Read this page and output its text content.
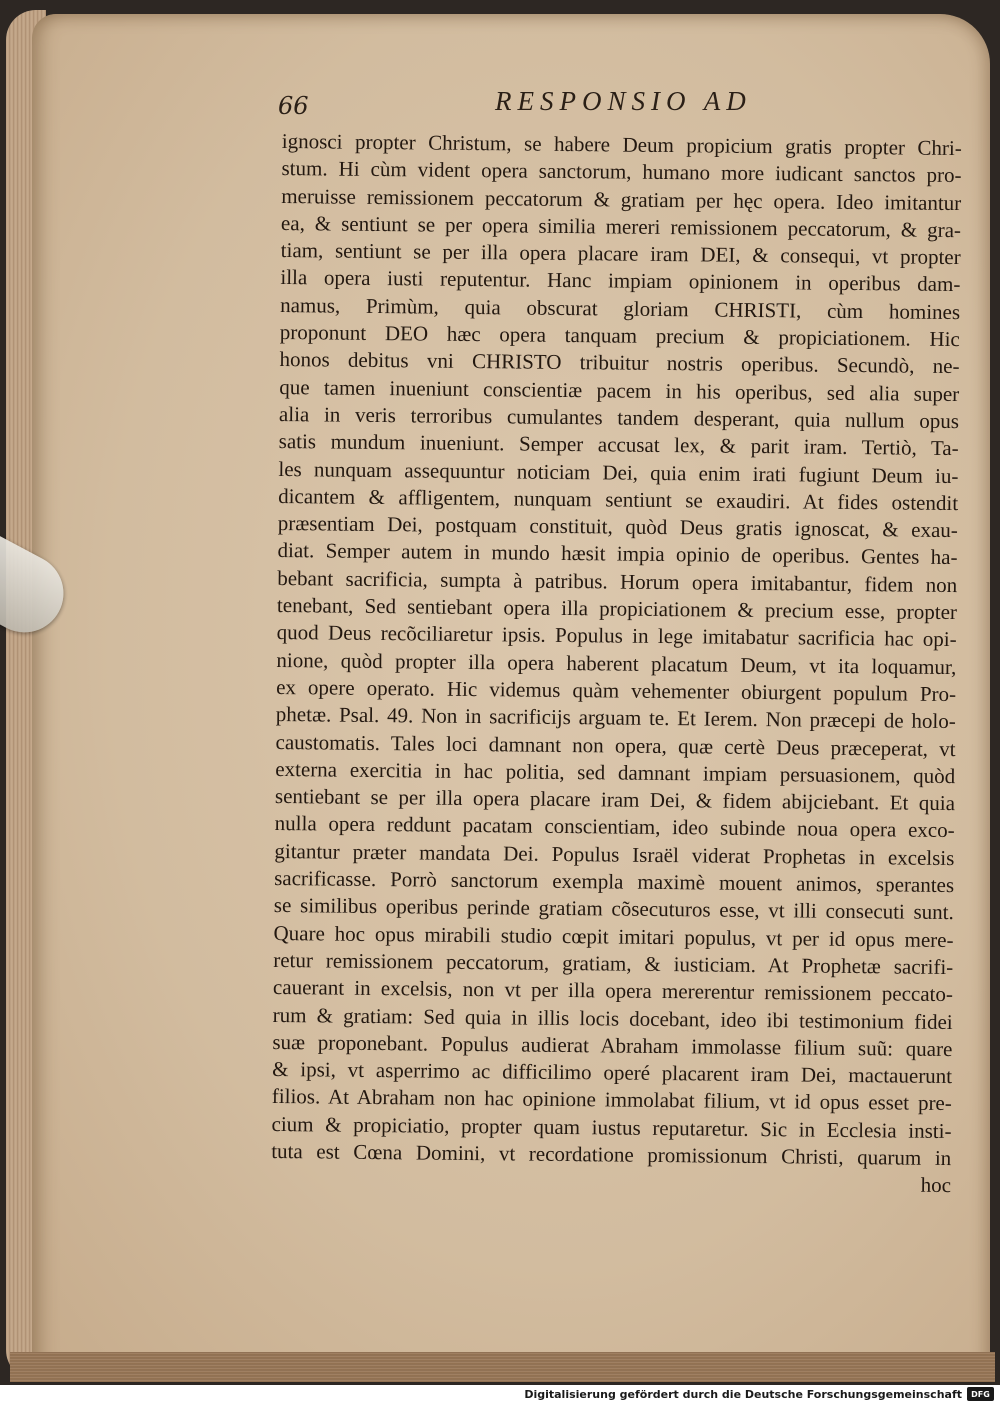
66	RESPONSIO AD
ignosci propter Christum, se habere Deum propicium gratis propter Chri-
stum. Hi cùm vident opera sanctorum, humano more iudicant sanctos pro-
meruisse remissionem peccatorum & gratiam per hęc opera. Ideo imitantur
ea, & sentiunt se per opera similia mereri remissionem peccatorum, & gra-
tiam, sentiunt se per illa opera placare iram DEI, & consequi, vt propter
illa opera iusti reputentur. Hanc impiam opinionem in operibus dam-
namus, Primùm, quia obscurat gloriam CHRISTI, cùm homines
proponunt DEO hæc opera tanquam precium & propiciationem. Hic
honos debitus vni CHRISTO tribuitur nostris operibus. Secundò, ne-
que tamen inueniunt conscientiæ pacem in his operibus, sed alia super
alia in veris terroribus cumulantes tandem desperant, quia nullum opus
satis mundum inueniunt. Semper accusat lex, & parit iram. Tertiò, Ta-
les nunquam assequuntur noticiam Dei, quia enim irati fugiunt Deum iu-
dicantem & affligentem, nunquam sentiunt se exaudiri. At fides ostendit
præsentiam Dei, postquam constituit, quòd Deus gratis ignoscat, & exau-
diat. Semper autem in mundo hæsit impia opinio de operibus. Gentes ha-
bebant sacrificia, sumpta à patribus. Horum opera imitabantur, fidem non
tenebant, Sed sentiebant opera illa propiciationem & precium esse, propter
quod Deus recõciliaretur ipsis. Populus in lege imitabatur sacrificia hac opi-
nione, quòd propter illa opera haberent placatum Deum, vt ita loquamur,
ex opere operato. Hic videmus quàm vehementer obiurgent populum Pro-
phetæ. Psal. 49. Non in sacrificijs arguam te. Et Ierem. Non præcepi de holo-
caustomatis. Tales loci damnant non opera, quæ certè Deus præceperat, vt
externa exercitia in hac politia, sed damnant impiam persuasionem, quòd
sentiebant se per illa opera placare iram Dei, & fidem abijciebant. Et quia
nulla opera reddunt pacatam conscientiam, ideo subinde noua opera exco-
gitantur præter mandata Dei. Populus Israël viderat Prophetas in excelsis
sacrificasse. Porrò sanctorum exempla maximè mouent animos, sperantes
se similibus operibus perinde gratiam cõsecuturos esse, vt illi consecuti sunt.
Quare hoc opus mirabili studio cœpit imitari populus, vt per id opus mere-
retur remissionem peccatorum, gratiam, & iusticiam. At Prophetæ sacrifi-
cauerant in excelsis, non vt per illa opera mererentur remissionem peccato-
rum & gratiam: Sed quia in illis locis docebant, ideo ibi testimonium fidei
suæ proponebant. Populus audierat Abraham immolasse filium suũ: quare
& ipsi, vt asperrimo ac difficilimo operé placarent iram Dei, mactauerunt
filios. At Abraham non hac opinione immolabat filium, vt id opus esset pre-
cium & propiciatio, propter quam iustus reputaretur. Sic in Ecclesia insti-
tuta est Cœna Domini, vt recordatione promissionum Christi, quarum in
hoc
Digitalisierung gefördert durch die Deutsche Forschungsgemeinschaft	DFG
